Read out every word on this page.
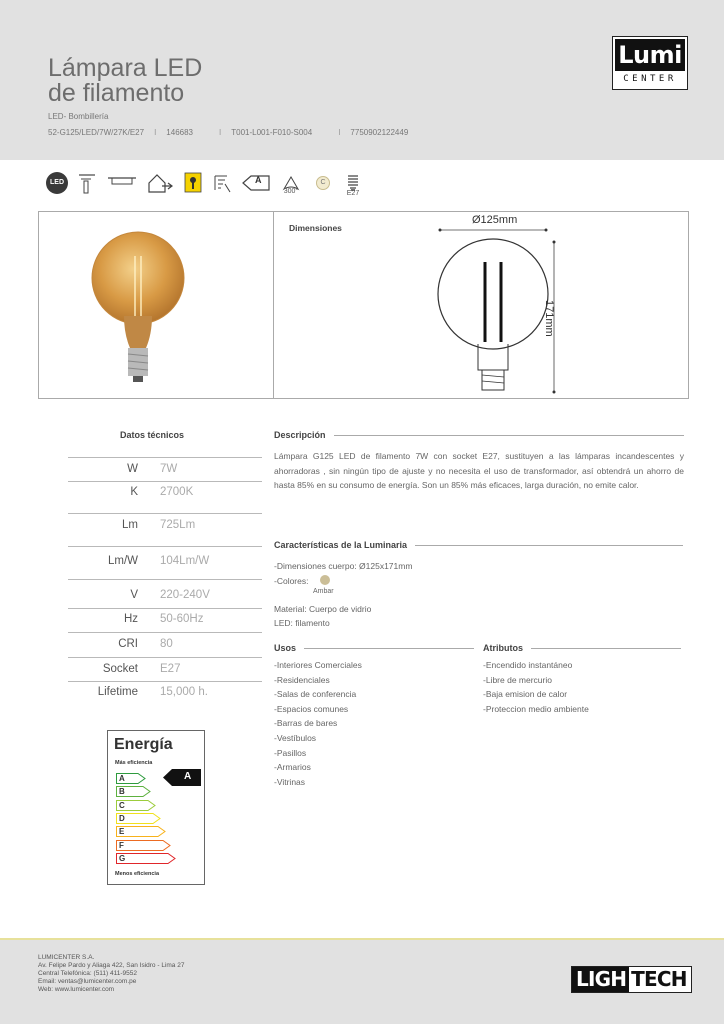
Lámpara LED
de filamento
LED- Bombillería
52-G125/LED/7W/27K/E27 I 146683	I T001-L001-F010-S004	I 7750902122449
Lumi
CENTER
LED	A
300°
C
E27
Dimensiones
Ø125mm
171mm
Datos técnicos
W 7W
K 2700K
Lm 725Lm
Lm/W 104Lm/W
V 220-240V
Hz 50-60Hz
CRI 80
Socket E27
Lifetime 15,000 h.
Descripción
Lámpara G125 LED de filamento 7W con socket E27, sustituyen a las lámparas incandescentes y ahorradoras , sin ningún tipo de ajuste y no necesita el uso de transformador, así obtendrá un ahorro de hasta 85% en su consumo de energía. Son un 85% más eficaces, larga duración, no emite calor.
Características de la Luminaria
-Dimensiones cuerpo: Ø125x171mm
-Colores:
Ambar
Material: Cuerpo de vidrio
LED: filamento
Usos
-Interiores Comerciales
-Residenciales
-Salas de conferencia
-Espacios comunes
-Barras de bares
-Vestíbulos
-Pasillos
-Armarios
-Vitrinas
Atributos
-Encendido instantáneo
-Libre de mercurio
-Baja emision de calor
-Proteccion medio ambiente
Energía
Más eficiencia
A
B
C
D
E
F
G
A
Menos eficiencia
LUMICENTER S.A.
Av. Felipe Pardo y Aliaga 422, San Isidro - Lima 27
Central Telefónica: (511) 411-9552
Email: ventas@lumicenter.com.pe
Web: www.lumicenter.com	LIGH TECH
